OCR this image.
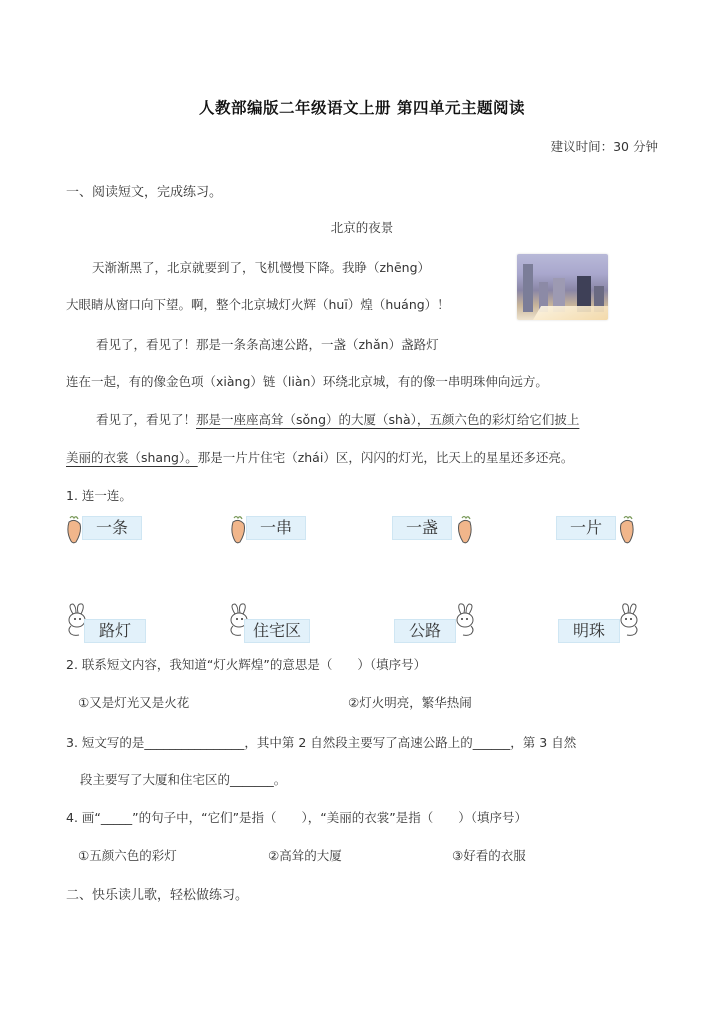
人教部编版二年级语文上册 第四单元主题阅读
建议时间：30 分钟
一、阅读短文，完成练习。
北京的夜景
天渐渐黑了，北京就要到了，飞机慢慢下降。我睁（zhēng）
大眼睛从窗口向下望。啊，整个北京城灯火辉（huī）煌（huáng）！
看见了，看见了！那是一条条高速公路，一盏（zhǎn）盏路灯
连在一起，有的像金色项（xiàng）链（liàn）环绕北京城，有的像一串明珠伸向远方。
看见了，看见了！那是一座座高耸（sǒng）的大厦（shà），五颜六色的彩灯给它们披上
美丽的衣裳（shang）。那是一片片住宅（zhái）区，闪闪的灯光，比天上的星星还多还亮。
1. 连一连。
一条	一串	一盏	一片
路灯	住宅区	公路	明珠
2. 联系短文内容，我知道“灯火辉煌”的意思是（　　）（填序号）
①又是灯光又是火花	②灯火明亮，繁华热闹
3. 短文写的是________________，其中第 2 自然段主要写了高速公路上的______，第 3 自然
段主要写了大厦和住宅区的_______。
4. 画“_____”的句子中，“它们”是指（　　），“美丽的衣裳”是指（　　）（填序号）
①五颜六色的彩灯	②高耸的大厦	③好看的衣服
二、快乐读儿歌，轻松做练习。
